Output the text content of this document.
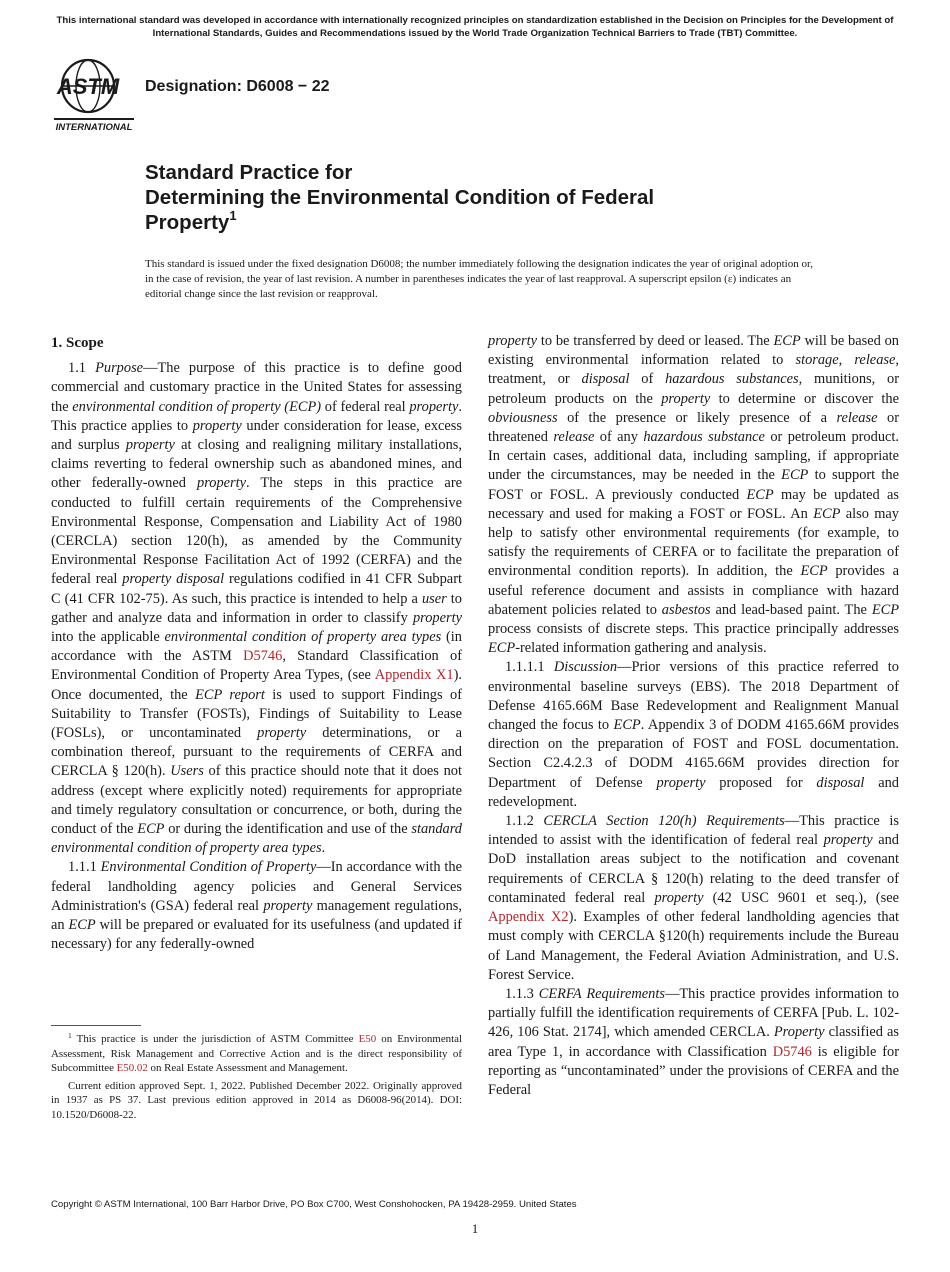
This international standard was developed in accordance with internationally recognized principles on standardization established in the Decision on Principles for the Development of International Standards, Guides and Recommendations issued by the World Trade Organization Technical Barriers to Trade (TBT) Committee.
ASTM
INTERNATIONAL
Designation: D6008 − 22
Standard Practice for
Determining the Environmental Condition of Federal
Property$^1$
This standard is issued under the fixed designation D6008; the number immediately following the designation indicates the year of original adoption or, in the case of revision, the year of last revision. A number in parentheses indicates the year of last reapproval. A superscript epsilon (ε) indicates an editorial change since the last revision or reapproval.

1. Scope

1.1 Purpose—The purpose of this practice is to define good commercial and customary practice in the United States for assessing the environmental condition of property (ECP) of federal real property. This practice applies to property under consideration for lease, excess and surplus property at closing and realigning military installations, claims reverting to federal ownership such as abandoned mines, and other federally-owned property. The steps in this practice are conducted to fulfill certain requirements of the Comprehensive Environmental Response, Compensation and Liability Act of 1980 (CERCLA) section 120(h), as amended by the Community Environmental Response Facilitation Act of 1992 (CERFA) and the federal real property disposal regulations codified in 41 CFR Subpart C (41 CFR 102-75). As such, this practice is intended to help a user to gather and analyze data and information in order to classify property into the applicable environmental condition of property area types (in accordance with the ASTM D5746, Standard Classification of Environmental Condition of Property Area Types, (see Appendix X1). Once documented, the ECP report is used to support Findings of Suitability to Transfer (FOSTs), Findings of Suitability to Lease (FOSLs), or uncontaminated property determinations, or a combination thereof, pursuant to the requirements of CERFA and CERCLA § 120(h). Users of this practice should note that it does not address (except where explicitly noted) requirements for appropriate and timely regulatory consultation or concurrence, or both, during the conduct of the ECP or during the identification and use of the standard environmental condition of property area types.

1.1.1 Environmental Condition of Property—In accordance with the federal landholding agency policies and General Services Administration's (GSA) federal real property management regulations, an ECP will be prepared or evaluated for its usefulness (and updated if necessary) for any federally-owned

property to be transferred by deed or leased. The ECP will be based on existing environmental information related to storage, release, treatment, or disposal of hazardous substances, munitions, or petroleum products on the property to determine or discover the obviousness of the presence or likely presence of a release or threatened release of any hazardous substance or petroleum product. In certain cases, additional data, including sampling, if appropriate under the circumstances, may be needed in the ECP to support the FOST or FOSL. A previously conducted ECP may be updated as necessary and used for making a FOST or FOSL. An ECP also may help to satisfy other environmental requirements (for example, to satisfy the requirements of CERFA or to facilitate the preparation of environmental condition reports). In addition, the ECP provides a useful reference document and assists in compliance with hazard abatement policies related to asbestos and lead-based paint. The ECP process consists of discrete steps. This practice principally addresses ECP-related information gathering and analysis.

1.1.1.1 Discussion—Prior versions of this practice referred to environmental baseline surveys (EBS). The 2018 Department of Defense 4165.66M Base Redevelopment and Realignment Manual changed the focus to ECP. Appendix 3 of DODM 4165.66M provides direction on the preparation of FOST and FOSL documentation. Section C2.4.2.3 of DODM 4165.66M provides direction for Department of Defense property proposed for disposal and redevelopment.

1.1.2 CERCLA Section 120(h) Requirements—This practice is intended to assist with the identification of federal real property and DoD installation areas subject to the notification and covenant requirements of CERCLA § 120(h) relating to the deed transfer of contaminated federal real property (42 USC 9601 et seq.), (see Appendix X2). Examples of other federal landholding agencies that must comply with CERCLA §120(h) requirements include the Bureau of Land Management, the Federal Aviation Administration, and U.S. Forest Service.

1.1.3 CERFA Requirements—This practice provides information to partially fulfill the identification requirements of CERFA [Pub. L. 102-426, 106 Stat. 2174], which amended CERCLA. Property classified as area Type 1, in accordance with Classification D5746 is eligible for reporting as “uncontaminated” under the provisions of CERFA and the Federal

$^1$ This practice is under the jurisdiction of ASTM Committee E50 on Environmental Assessment, Risk Management and Corrective Action and is the direct responsibility of Subcommittee E50.02 on Real Estate Assessment and Management.

Current edition approved Sept. 1, 2022. Published December 2022. Originally approved in 1937 as PS 37. Last previous edition approved in 2014 as D6008-96(2014). DOI: 10.1520/D6008-22.

Copyright © ASTM International, 100 Barr Harbor Drive, PO Box C700, West Conshohocken, PA 19428-2959. United States
1
